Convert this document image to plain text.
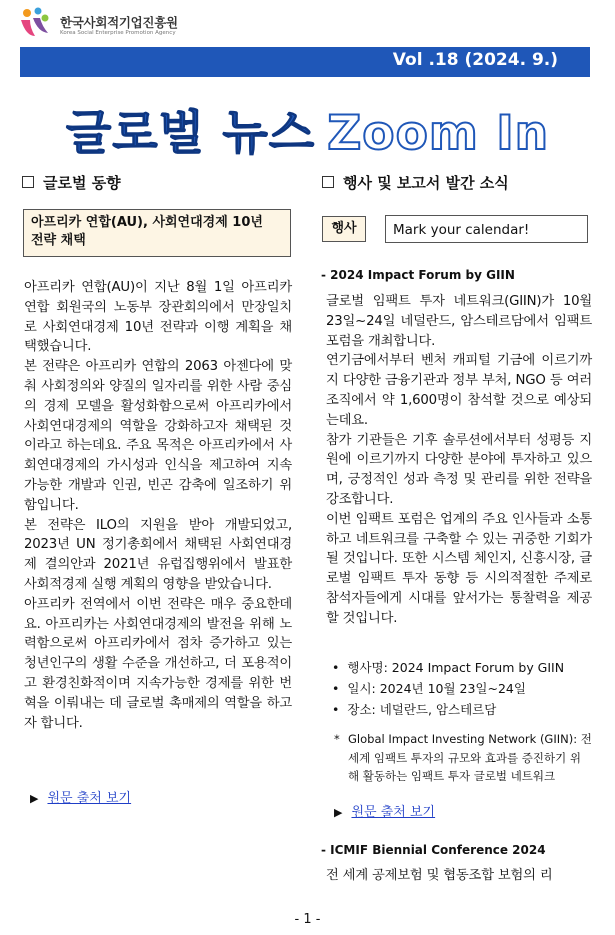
한국사회적기업진흥원
Korea Social Enterprise Promotion Agency
Vol .18 (2024. 9.)
글로벌 뉴스 Zoom In
글로벌 동향
아프리카 연합(AU), 사회연대경제 10년
전략 채택

아프리카 연합(AU)이 지난 8월 1일 아프리카 연합 회원국의 노동부 장관회의에서 만장일치로 사회연대경제 10년 전략과 이행 계획을 채택했습니다.

본 전략은 아프리카 연합의 2063 아젠다에 맞춰 사회정의와 양질의 일자리를 위한 사람 중심의 경제 모델을 활성화함으로써 아프리카에서 사회연대경제의 역할을 강화하고자 채택된 것이라고 하는데요. 주요 목적은 아프리카에서 사회연대경제의 가시성과 인식을 제고하여 지속가능한 개발과 인권, 빈곤 감축에 일조하기 위함입니다.

본 전략은 ILO의 지원을 받아 개발되었고, 2023년 UN 정기총회에서 채택된 사회연대경제 결의안과 2021년 유럽집행위에서 발표한 사회적경제 실행 계획의 영향을 받았습니다.

아프리카 전역에서 이번 전략은 매우 중요한데요. 아프리카는 사회연대경제의 발전을 위해 노력함으로써 아프리카에서 점차 증가하고 있는 청년인구의 생활 수준을 개선하고, 더 포용적이고 환경친화적이며 지속가능한 경제를 위한 번혁을 이뤄내는 데 글로벌 촉매제의 역할을 하고자 합니다.

▶ 원문 출처 보기
행사 및 보고서 발간 소식
행사	Mark your calendar!
- 2024 Impact Forum by GIIN

글로벌 임팩트 투자 네트워크(GIIN)가 10월 23일~24일 네덜란드, 암스테르담에서 임팩트 포럼을 개최합니다.

연기금에서부터 벤처 캐피털 기금에 이르기까지 다양한 금융기관과 정부 부처, NGO 등 여러 조직에서 약 1,600명이 참석할 것으로 예상되는데요.

참가 기관들은 기후 솔루션에서부터 성평등 지원에 이르기까지 다양한 분야에 투자하고 있으며, 긍정적인 성과 측정 및 관리를 위한 전략을 강조합니다.

이번 임팩트 포럼은 업계의 주요 인사들과 소통하고 네트워크를 구축할 수 있는 귀중한 기회가 될 것입니다. 또한 시스템 체인지, 신흥시장, 글로벌 임팩트 투자 동향 등 시의적절한 주제로 참석자들에게 시대를 앞서가는 통찰력을 제공할 것입니다.

• 행사명: 2024 Impact Forum by GIIN
• 일시: 2024년 10월 23일~24일
• 장소: 네덜란드, 암스테르담
* Global Impact Investing Network (GIIN): 전 세계 임팩트 투자의 규모와 효과를 증진하기 위해 활동하는 임팩트 투자 글로벌 네트워크
▶ 원문 출처 보기
- ICMIF Biennial Conference 2024
전 세계 공제보험 및 협동조합 보험의 리
- 1 -
